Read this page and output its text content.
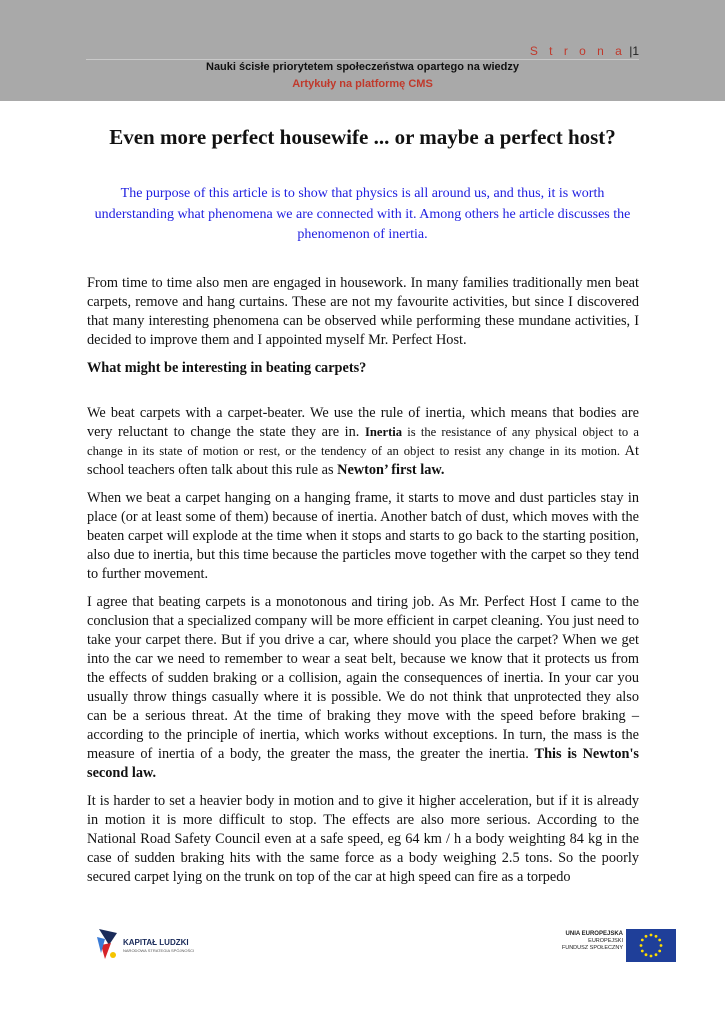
S t r o n a |1
Nauki ścisłe priorytetem społeczeństwa opartego na wiedzy
Artykuły na platformę CMS
Even more perfect housewife ... or maybe a perfect host?
The purpose of this article is to show that physics is all around us, and thus, it is worth understanding what phenomena we are connected with it. Among others he article discusses the phenomenon of inertia.

From time to time also men are engaged in housework. In many families traditionally men beat carpets, remove and hang curtains. These are not my favourite activities, but since I discovered that many interesting phenomena can be observed while performing these mundane activities, I decided to improve them and I appointed myself Mr. Perfect Host.

What might be interesting in beating carpets?

We beat carpets with a carpet-beater. We use the rule of inertia, which means that bodies are very reluctant to change the state they are in. Inertia is the resistance of any physical object to a change in its state of motion or rest, or the tendency of an object to resist any change in its motion. At school teachers often talk about this rule as Newton’ first law.

When we beat a carpet hanging on a hanging frame, it starts to move and dust particles stay in place (or at least some of them) because of inertia. Another batch of dust, which moves with the beaten carpet will explode at the time when it stops and starts to go back to the starting position, also due to inertia, but this time because the particles move together with the carpet so they tend to further movement.

I agree that beating carpets is a monotonous and tiring job. As Mr. Perfect Host I came to the conclusion that a specialized company will be more efficient in carpet cleaning. You just need to take your carpet there. But if you drive a car, where should you place the carpet? When we get into the car we need to remember to wear a seat belt, because we know that it protects us from the effects of sudden braking or a collision, again the consequences of inertia. In your car you usually throw things casually where it is possible. We do not think that unprotected they also can be a serious threat. At the time of braking they move with the speed before braking – according to the principle of inertia, which works without exceptions. In turn, the mass is the measure of inertia of a body, the greater the mass, the greater the inertia. This is Newton's second law.

It is harder to set a heavier body in motion and to give it higher acceleration, but if it is already in motion it is more difficult to stop. The effects are also more serious. According to the National Road Safety Council even at a safe speed, eg 64 km / h a body weighting 84 kg in the case of sudden braking hits with the same force as a body weighing 2.5 tons. So the poorly secured carpet lying on the trunk on top of the car at high speed can fire as a torpedo

KAPITAŁ LUDZKI
NARODOWA STRATEGIA SPÓJNOŚCI
UNIA EUROPEJSKA
EUROPEJSKI
FUNDUSZ SPOŁECZNY
